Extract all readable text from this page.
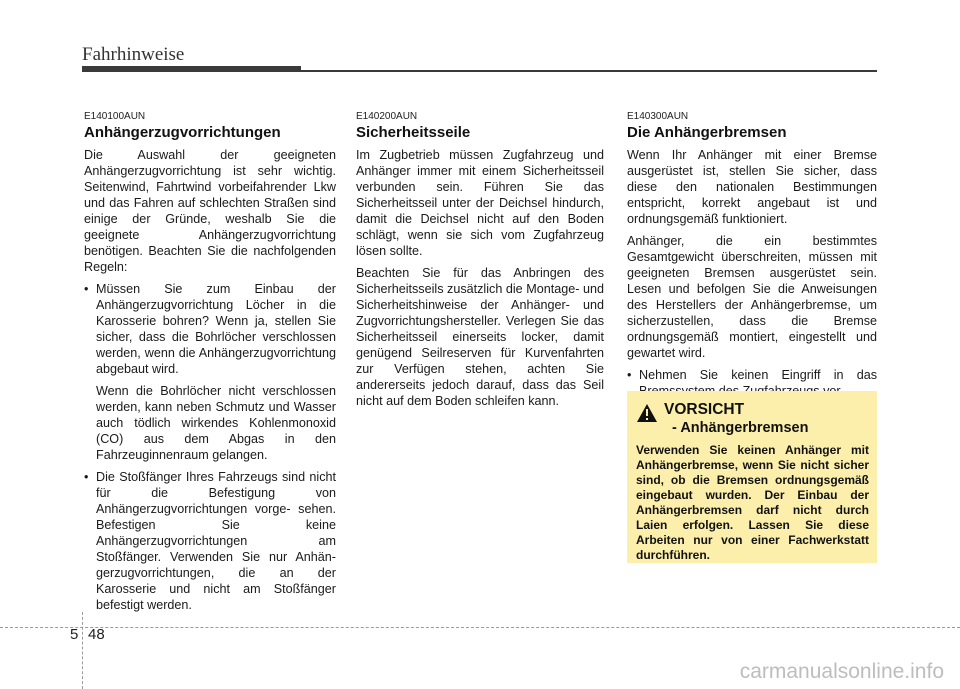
Fahrhinweise
E140100AUN
Anhängerzugvorrichtungen

Die Auswahl der geeigneten Anhängerzugvorrichtung ist sehr wichtig. Seitenwind, Fahrtwind vorbeifahrender Lkw und das Fahren auf schlechten Straßen sind einige der Gründe, weshalb Sie die geeignete Anhängerzugvorrichtung benötigen. Beachten Sie die nachfolgenden Regeln:

• Müssen Sie zum Einbau der Anhängerzugvorrichtung Löcher in die Karosserie bohren? Wenn ja, stellen Sie sicher, dass die Bohrlöcher verschlossen werden, wenn die Anhängerzugvorrichtung abgebaut wird.
Wenn die Bohrlöcher nicht verschlossen werden, kann neben Schmutz und Wasser auch tödlich wirkendes Kohlenmonoxid (CO) aus dem Abgas in den Fahrzeuginnenraum gelangen.
• Die Stoßfänger Ihres Fahrzeugs sind nicht für die Befestigung von Anhängerzugvorrichtungen vorge- sehen. Befestigen Sie keine Anhängerzugvorrichtungen am Stoßfänger. Verwenden Sie nur Anhän- gerzugvorrichtungen, die an der Karosserie und nicht am Stoßfänger befestigt werden.
E140200AUN
Sicherheitsseile

Im Zugbetrieb müssen Zugfahrzeug und Anhänger immer mit einem Sicherheitsseil verbunden sein. Führen Sie das Sicherheitsseil unter der Deichsel hindurch, damit die Deichsel nicht auf den Boden schlägt, wenn sie sich vom Zugfahrzeug lösen sollte.

Beachten Sie für das Anbringen des Sicherheitsseils zusätzlich die Montage- und Sicherheitshinweise der Anhänger- und Zugvorrichtungshersteller. Verlegen Sie das Sicherheitsseil einerseits locker, damit genügend Seilreserven für Kurvenfahrten zur Verfügen stehen, achten Sie andererseits jedoch darauf, dass das Seil nicht auf dem Boden schleifen kann.

E140300AUN
Die Anhängerbremsen

Wenn Ihr Anhänger mit einer Bremse ausgerüstet ist, stellen Sie sicher, dass diese den nationalen Bestimmungen entspricht, korrekt angebaut ist und ordnungsgemäß funktioniert.

Anhänger, die ein bestimmtes Gesamtgewicht überschreiten, müssen mit geeigneten Bremsen ausgerüstet sein. Lesen und befolgen Sie die Anweisungen des Herstellers der Anhängerbremse, um sicherzustellen, dass die Bremse ordnungsgemäß montiert, eingestellt und gewartet wird.

• Nehmen Sie keinen Eingriff in das
VORSICHT
- Anhängerbremsen

Verwenden Sie keinen Anhänger mit Anhängerbremse, wenn Sie nicht sicher sind, ob die Bremsen ordnungsgemäß eingebaut wurden. Der Einbau der Anhängerbremsen darf nicht durch Laien erfolgen. Lassen Sie diese Arbeiten nur von einer Fachwerkstatt durchführen.

5 48
carmanualsonline.info
